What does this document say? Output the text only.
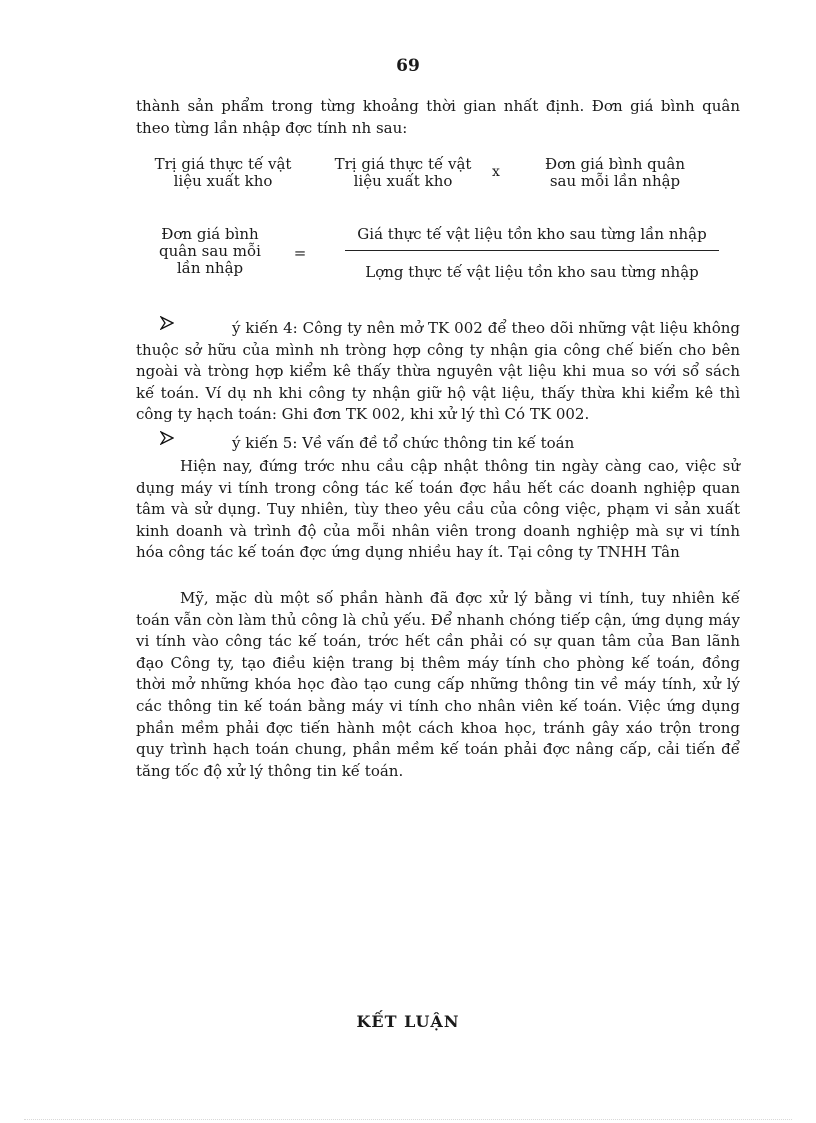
69
thành sản phẩm trong từng khoảng thời gian nhất định. Đơn giá bình quân
theo từng lần nhập đợc tính nh sau:
Trị giá thực tế vật
liệu xuất kho
Trị giá thực tế vật
liệu xuất kho	x	Đơn giá bình quân
sau mỗi lần nhập
Đơn giá bình
quân sau mỗi
lần nhập
=
Giá thực tế vật liệu tồn kho sau từng lần nhập
Lợng thực tế vật liệu tồn kho sau từng nhập

ý kiến 4: Công ty nên mở TK 002 để theo dõi những vật liệu không thuộc sở hữu của mình nh tròng hợp công ty nhận gia công chế biến cho bên ngoài và tròng hợp kiểm kê thấy thừa nguyên vật liệu khi mua so với sổ sách kế toán. Ví dụ nh khi công ty nhận giữ hộ vật liệu, thấy thừa khi kiểm kê thì công ty hạch toán: Ghi đơn TK 002, khi xử lý thì Có TK 002.

ý kiến 5: Về vấn đề tổ chức thông tin kế toán

Hiện nay, đứng trớc nhu cầu cập nhật thông tin ngày càng cao, việc sử dụng máy vi tính trong công tác kế toán đợc hầu hết các doanh nghiệp quan tâm và sử dụng. Tuy nhiên, tùy theo yêu cầu của công việc, phạm vi sản xuất kinh doanh và trình độ của mỗi nhân viên trong doanh nghiệp mà sự vi tính hóa công tác kế toán đợc ứng dụng nhiều hay ít. Tại công ty TNHH Tân

Mỹ, mặc dù một số phần hành đã đợc xử lý bằng vi tính, tuy nhiên kế toán vẫn còn làm thủ công là chủ yếu. Để nhanh chóng tiếp cận, ứng dụng máy vi tính vào công tác kế toán, trớc hết cần phải có sự quan tâm của Ban lãnh đạo Công ty, tạo điều kiện trang bị thêm máy tính cho phòng kế toán, đồng thời mở những khóa học đào tạo cung cấp những thông tin về máy tính, xử lý các thông tin kế toán bằng máy vi tính cho nhân viên kế toán. Việc ứng dụng phần mềm phải đợc tiến hành một cách khoa học, tránh gây xáo trộn trong quy trình hạch toán chung, phần mềm kế toán phải đợc nâng cấp, cải tiến để tăng tốc độ xử lý thông tin kế toán.

KẾT LUẬN
